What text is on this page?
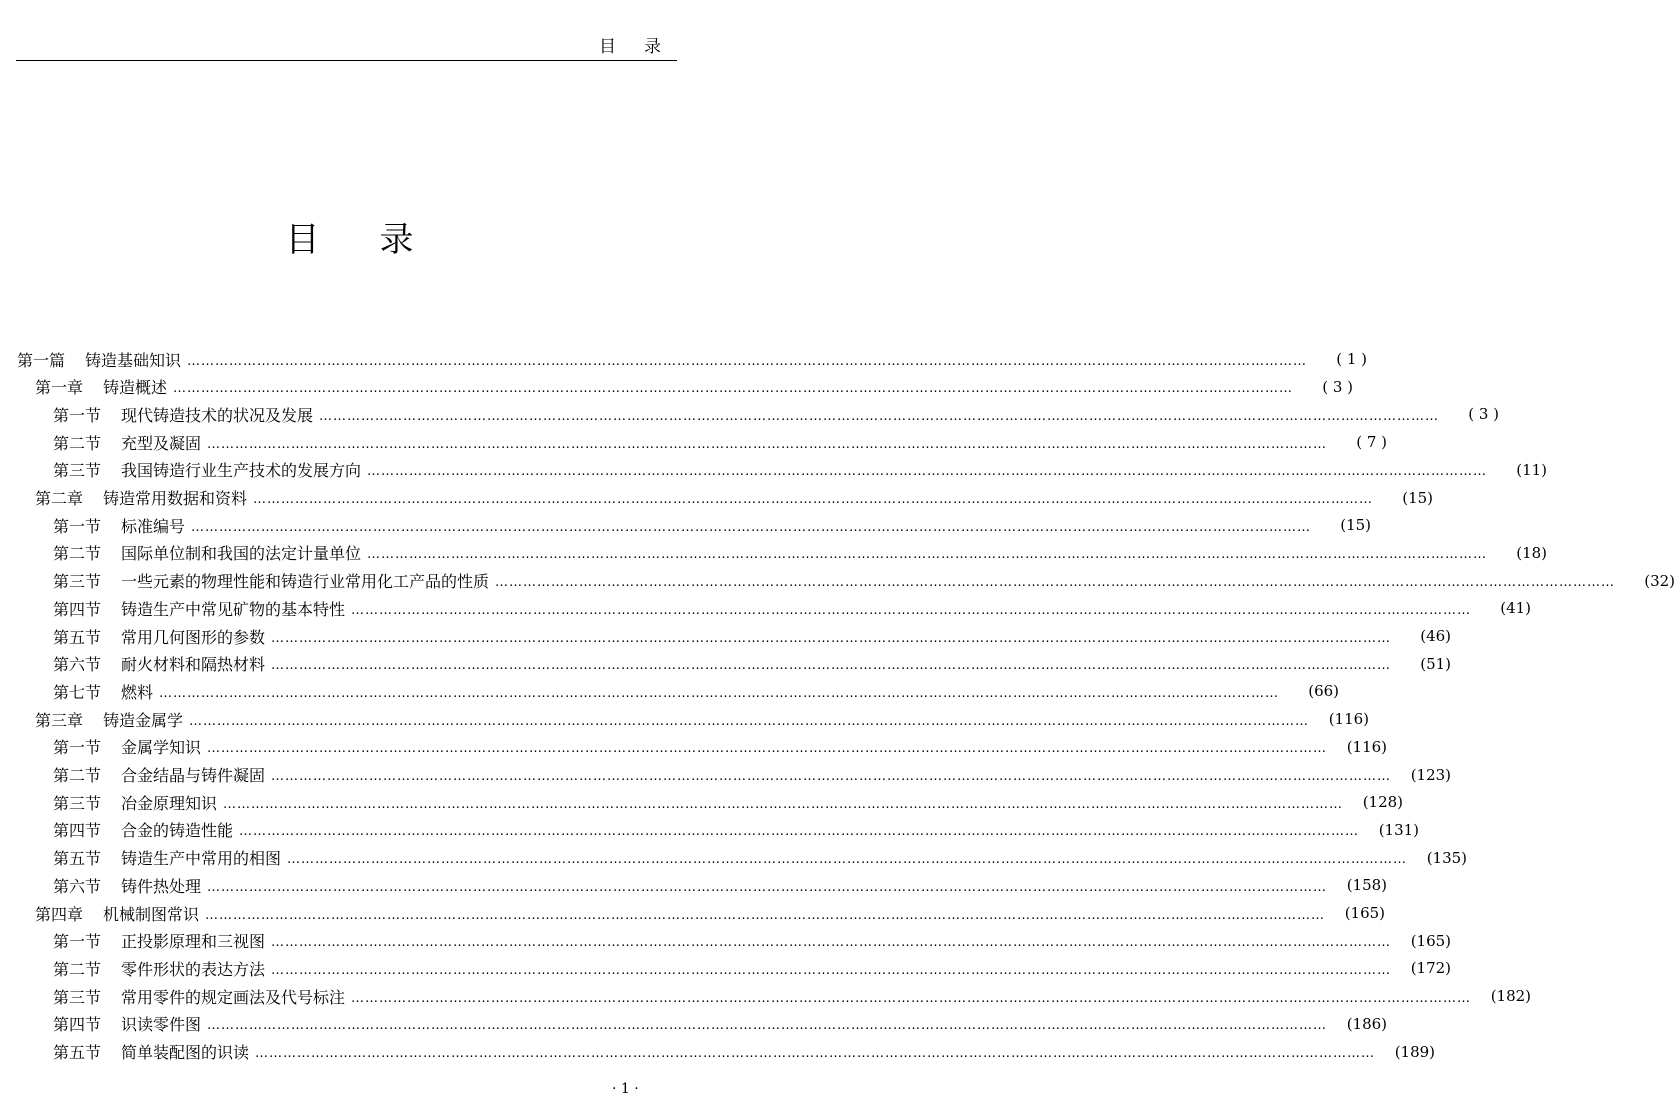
目录
目录
第一篇 铸造基础知识 ……………………………………………………………………………………………………………………………………………………………………………………………………………………	( 1 )
第一章 铸造概述 ……………………………………………………………………………………………………………………………………………………………………………………………………………………	( 3 )
第一节 现代铸造技术的状况及发展 ……………………………………………………………………………………………………………………………………………………………………………………………………………………	( 3 )
第二节 充型及凝固 ……………………………………………………………………………………………………………………………………………………………………………………………………………………	( 7 )
第三节 我国铸造行业生产技术的发展方向 ……………………………………………………………………………………………………………………………………………………………………………………………………………………	(11)
第二章 铸造常用数据和资料 ……………………………………………………………………………………………………………………………………………………………………………………………………………………	(15)
第一节 标准编号 ……………………………………………………………………………………………………………………………………………………………………………………………………………………	(15)
第二节 国际单位制和我国的法定计量单位 ……………………………………………………………………………………………………………………………………………………………………………………………………………………	(18)
第三节 一些元素的物理性能和铸造行业常用化工产品的性质 ……………………………………………………………………………………………………………………………………………………………………………………………………………………	(32)
第四节 铸造生产中常见矿物的基本特性 ……………………………………………………………………………………………………………………………………………………………………………………………………………………	(41)
第五节 常用几何图形的参数 ……………………………………………………………………………………………………………………………………………………………………………………………………………………	(46)
第六节 耐火材料和隔热材料 ……………………………………………………………………………………………………………………………………………………………………………………………………………………	(51)
第七节 燃料 ……………………………………………………………………………………………………………………………………………………………………………………………………………………	(66)
第三章 铸造金属学 ……………………………………………………………………………………………………………………………………………………………………………………………………………………	(116)
第一节 金属学知识 ……………………………………………………………………………………………………………………………………………………………………………………………………………………	(116)
第二节 合金结晶与铸件凝固 ……………………………………………………………………………………………………………………………………………………………………………………………………………………	(123)
第三节 冶金原理知识 ……………………………………………………………………………………………………………………………………………………………………………………………………………………	(128)
第四节 合金的铸造性能 ……………………………………………………………………………………………………………………………………………………………………………………………………………………	(131)
第五节 铸造生产中常用的相图 ……………………………………………………………………………………………………………………………………………………………………………………………………………………	(135)
第六节 铸件热处理 ……………………………………………………………………………………………………………………………………………………………………………………………………………………	(158)
第四章 机械制图常识 ……………………………………………………………………………………………………………………………………………………………………………………………………………………	(165)
第一节 正投影原理和三视图 ……………………………………………………………………………………………………………………………………………………………………………………………………………………	(165)
第二节 零件形状的表达方法 ……………………………………………………………………………………………………………………………………………………………………………………………………………………	(172)
第三节 常用零件的规定画法及代号标注 ……………………………………………………………………………………………………………………………………………………………………………………………………………………	(182)
第四节 识读零件图 ……………………………………………………………………………………………………………………………………………………………………………………………………………………	(186)
第五节 简单装配图的识读 ……………………………………………………………………………………………………………………………………………………………………………………………………………………	(189)
· 1 ·
